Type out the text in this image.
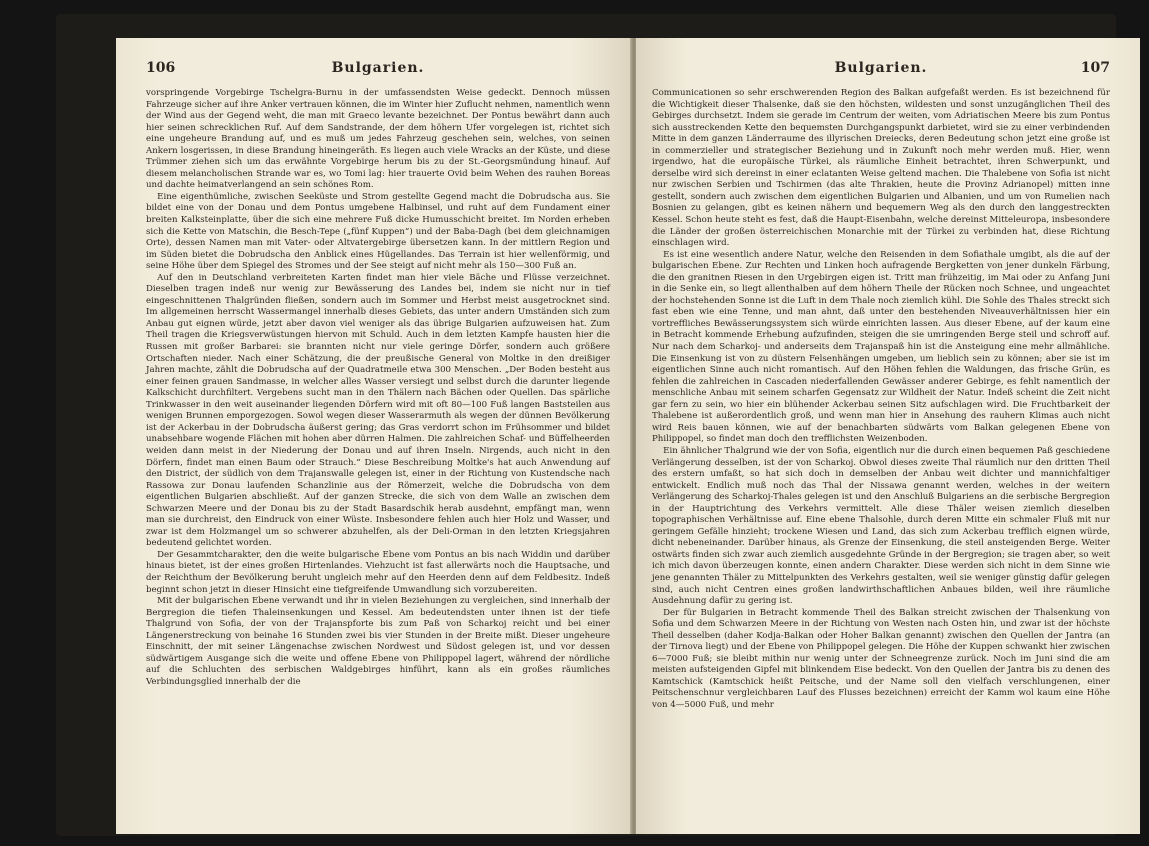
106	Bulgarien.

vorspringende Vorgebirge Tschelgra-Burnu in der umfassendsten Weise gedeckt. Dennoch müssen Fahrzeuge sicher auf ihre Anker vertrauen können, die im Winter hier Zuflucht nehmen, namentlich wenn der Wind aus der Gegend weht, die man mit Graeco levante bezeichnet. Der Pontus bewährt dann auch hier seinen schrecklichen Ruf. Auf dem Sandstrande, der dem höhern Ufer vorgelegen ist, richtet sich eine ungeheure Brandung auf, und es muß um jedes Fahrzeug geschehen sein, welches, von seinen Ankern losgerissen, in diese Brandung hineingeräth. Es liegen auch viele Wracks an der Küste, und diese Trümmer ziehen sich um das erwähnte Vorgebirge herum bis zu der St.-Georgsmündung hinauf. Auf diesem melancholischen Strande war es, wo Tomi lag: hier trauerte Ovid beim Wehen des rauhen Boreas und dachte heimatverlangend an sein schönes Rom.

Eine eigenthümliche, zwischen Seeküste und Strom gestellte Gegend macht die Dobrudscha aus. Sie bildet eine von der Donau und dem Pontus umgebene Halbinsel, und ruht auf dem Fundament einer breiten Kalksteinplatte, über die sich eine mehrere Fuß dicke Humusschicht breitet. Im Norden erheben sich die Kette von Matschin, die Besch-Tepe („fünf Kuppen“) und der Baba-Dagh (bei dem gleichnamigen Orte), dessen Namen man mit Vater- oder Altvatergebirge übersetzen kann. In der mittlern Region und im Süden bietet die Dobrudscha den Anblick eines Hügellandes. Das Terrain ist hier wellenförmig, und seine Höhe über dem Spiegel des Stromes und der See steigt auf nicht mehr als 150—300 Fuß an.

Auf den in Deutschland verbreiteten Karten findet man hier viele Bäche und Flüsse verzeichnet. Dieselben tragen indeß nur wenig zur Bewässerung des Landes bei, indem sie nicht nur in tief eingeschnittenen Thalgründen fließen, sondern auch im Sommer und Herbst meist ausgetrocknet sind. Im allgemeinen herrscht Wassermangel innerhalb dieses Gebiets, das unter andern Umständen sich zum Anbau gut eignen würde, jetzt aber davon viel weniger als das übrige Bulgarien aufzuweisen hat. Zum Theil tragen die Kriegsverwüstungen hiervon mit Schuld. Auch in dem letzten Kampfe hausten hier die Russen mit großer Barbarei: sie brannten nicht nur viele geringe Dörfer, sondern auch größere Ortschaften nieder. Nach einer Schätzung, die der preußische General von Moltke in den dreißiger Jahren machte, zählt die Dobrudscha auf der Quadratmeile etwa 300 Menschen. „Der Boden besteht aus einer feinen grauen Sandmasse, in welcher alles Wasser versiegt und selbst durch die darunter liegende Kalkschicht durchfiltert. Vergebens sucht man in den Thälern nach Bächen oder Quellen. Das spärliche Trinkwasser in den weit auseinander liegenden Dörfern wird mit oft 80—100 Fuß langen Baststeilen aus wenigen Brunnen emporgezogen. Sowol wegen dieser Wasserarmuth als wegen der dünnen Bevölkerung ist der Ackerbau in der Dobrudscha äußerst gering; das Gras verdorrt schon im Frühsommer und bildet unabsehbare wogende Flächen mit hohen aber dürren Halmen. Die zahlreichen Schaf- und Büffelheerden weiden dann meist in der Niederung der Donau und auf ihren Inseln. Nirgends, auch nicht in den Dörfern, findet man einen Baum oder Strauch.“ Diese Beschreibung Moltke's hat auch Anwendung auf den District, der südlich von dem Trajanswalle gelegen ist, einer in der Richtung von Kustendsche nach Rassowa zur Donau laufenden Schanzlinie aus der Römerzeit, welche die Dobrudscha von dem eigentlichen Bulgarien abschließt. Auf der ganzen Strecke, die sich von dem Walle an zwischen dem Schwarzen Meere und der Donau bis zu der Stadt Basardschik herab ausdehnt, empfängt man, wenn man sie durchreist, den Eindruck von einer Wüste. Insbesondere fehlen auch hier Holz und Wasser, und zwar ist dem Holzmangel um so schwerer abzuhelfen, als der Deli-Orman in den letzten Kriegsjahren bedeutend gelichtet worden.

Der Gesammtcharakter, den die weite bulgarische Ebene vom Pontus an bis nach Widdin und darüber hinaus bietet, ist der eines großen Hirtenlandes. Viehzucht ist fast allerwärts noch die Hauptsache, und der Reichthum der Bevölkerung beruht ungleich mehr auf den Heerden denn auf dem Feldbesitz. Indeß beginnt schon jetzt in dieser Hinsicht eine tiefgreifende Umwandlung sich vorzubereiten.

Mit der bulgarischen Ebene verwandt und ihr in vielen Beziehungen zu vergleichen, sind innerhalb der Bergregion die tiefen Thaleinsenkungen und Kessel. Am bedeutendsten unter ihnen ist der tiefe Thalgrund von Sofia, der von der Trajanspforte bis zum Paß von Scharkoj reicht und bei einer Längenerstreckung von beinahe 16 Stunden zwei bis vier Stunden in der Breite mißt. Dieser ungeheure Einschnitt, der mit seiner Längenachse zwischen Nordwest und Südost gelegen ist, und vor dessen südwärtigem Ausgange sich die weite und offene Ebene von Philippopel lagert, während der nördliche auf die Schluchten des serbischen Waldgebirges hinführt, kann als ein großes räumliches Verbindungsglied innerhalb der die

Bulgarien.	107

Communicationen so sehr erschwerenden Region des Balkan aufgefaßt werden. Es ist bezeichnend für die Wichtigkeit dieser Thalsenke, daß sie den höchsten, wildesten und sonst unzugänglichen Theil des Gebirges durchsetzt. Indem sie gerade im Centrum der weiten, vom Adriatischen Meere bis zum Pontus sich ausstreckenden Kette den bequemsten Durchgangspunkt darbietet, wird sie zu einer verbindenden Mitte in dem ganzen Länderraume des illyrischen Dreiecks, deren Bedeutung schon jetzt eine große ist in commerzieller und strategischer Beziehung und in Zukunft noch mehr werden muß. Hier, wenn irgendwo, hat die europäische Türkei, als räumliche Einheit betrachtet, ihren Schwerpunkt, und derselbe wird sich dereinst in einer eclatanten Weise geltend machen. Die Thalebene von Sofia ist nicht nur zwischen Serbien und Tschirmen (das alte Thrakien, heute die Provinz Adrianopel) mitten inne gestellt, sondern auch zwischen dem eigentlichen Bulgarien und Albanien, und um von Rumelien nach Bosnien zu gelangen, gibt es keinen nähern und bequemern Weg als den durch den langgestreckten Kessel. Schon heute steht es fest, daß die Haupt-Eisenbahn, welche dereinst Mitteleuropa, insbesondere die Länder der großen österreichischen Monarchie mit der Türkei zu verbinden hat, diese Richtung einschlagen wird.

Es ist eine wesentlich andere Natur, welche den Reisenden in dem Sofiathale umgibt, als die auf der bulgarischen Ebene. Zur Rechten und Linken hoch aufragende Bergketten von jener dunkeln Färbung, die den granitnen Riesen in den Urgebirgen eigen ist. Tritt man frühzeitig, im Mai oder zu Anfang Juni in die Senke ein, so liegt allenthalben auf dem höhern Theile der Rücken noch Schnee, und ungeachtet der hochstehenden Sonne ist die Luft in dem Thale noch ziemlich kühl. Die Sohle des Thales streckt sich fast eben wie eine Tenne, und man ahnt, daß unter den bestehenden Niveauverhältnissen hier ein vortreffliches Bewässerungssystem sich würde einrichten lassen. Aus dieser Ebene, auf der kaum eine in Betracht kommende Erhebung aufzufinden, steigen die sie umringenden Berge steil und schroff auf. Nur nach dem Scharkoj- und anderseits dem Trajanspaß hin ist die Ansteigung eine mehr allmähliche. Die Einsenkung ist von zu düstern Felsenhängen umgeben, um lieblich sein zu können; aber sie ist im eigentlichen Sinne auch nicht romantisch. Auf den Höhen fehlen die Waldungen, das frische Grün, es fehlen die zahlreichen in Cascaden niederfallenden Gewässer anderer Gebirge, es fehlt namentlich der menschliche Anbau mit seinem scharfen Gegensatz zur Wildheit der Natur. Indeß scheint die Zeit nicht gar fern zu sein, wo hier ein blühender Ackerbau seinen Sitz aufschlagen wird. Die Fruchtbarkeit der Thalebene ist außerordentlich groß, und wenn man hier in Ansehung des rauhern Klimas auch nicht wird Reis bauen können, wie auf der benachbarten südwärts vom Balkan gelegenen Ebene von Philippopel, so findet man doch den trefflichsten Weizenboden.

Ein ähnlicher Thalgrund wie der von Sofia, eigentlich nur die durch einen bequemen Paß geschiedene Verlängerung desselben, ist der von Scharkoj. Obwol dieses zweite Thal räumlich nur den dritten Theil des erstern umfaßt, so hat sich doch in demselben der Anbau weit dichter und mannichfaltiger entwickelt. Endlich muß noch das Thal der Nissawa genannt werden, welches in der weitern Verlängerung des Scharkoj-Thales gelegen ist und den Anschluß Bulgariens an die serbische Bergregion in der Hauptrichtung des Verkehrs vermittelt. Alle diese Thäler weisen ziemlich dieselben topographischen Verhältnisse auf. Eine ebene Thalsohle, durch deren Mitte ein schmaler Fluß mit nur geringem Gefälle hinzieht; trockene Wiesen und Land, das sich zum Ackerbau trefflich eignen würde, dicht nebeneinander. Darüber hinaus, als Grenze der Einsenkung, die steil ansteigenden Berge. Weiter ostwärts finden sich zwar auch ziemlich ausgedehnte Gründe in der Bergregion; sie tragen aber, so weit ich mich davon überzeugen konnte, einen andern Charakter. Diese werden sich nicht in dem Sinne wie jene genannten Thäler zu Mittelpunkten des Verkehrs gestalten, weil sie weniger günstig dafür gelegen sind, auch nicht Centren eines großen landwirthschaftlichen Anbaues bilden, weil ihre räumliche Ausdehnung dafür zu gering ist.

Der für Bulgarien in Betracht kommende Theil des Balkan streicht zwischen der Thalsenkung von Sofia und dem Schwarzen Meere in der Richtung von Westen nach Osten hin, und zwar ist der höchste Theil desselben (daher Kodja-Balkan oder Hoher Balkan genannt) zwischen den Quellen der Jantra (an der Tirnova liegt) und der Ebene von Philippopel gelegen. Die Höhe der Kuppen schwankt hier zwischen 6—7000 Fuß; sie bleibt mithin nur wenig unter der Schneegrenze zurück. Noch im Juni sind die am meisten aufsteigenden Gipfel mit blinkendem Eise bedeckt. Von den Quellen der Jantra bis zu denen des Kamtschick (Kamtschick heißt Peitsche, und der Name soll den vielfach verschlungenen, einer Peitschenschnur vergleichbaren Lauf des Flusses bezeichnen) erreicht der Kamm wol kaum eine Höhe von 4—5000 Fuß, und mehr
